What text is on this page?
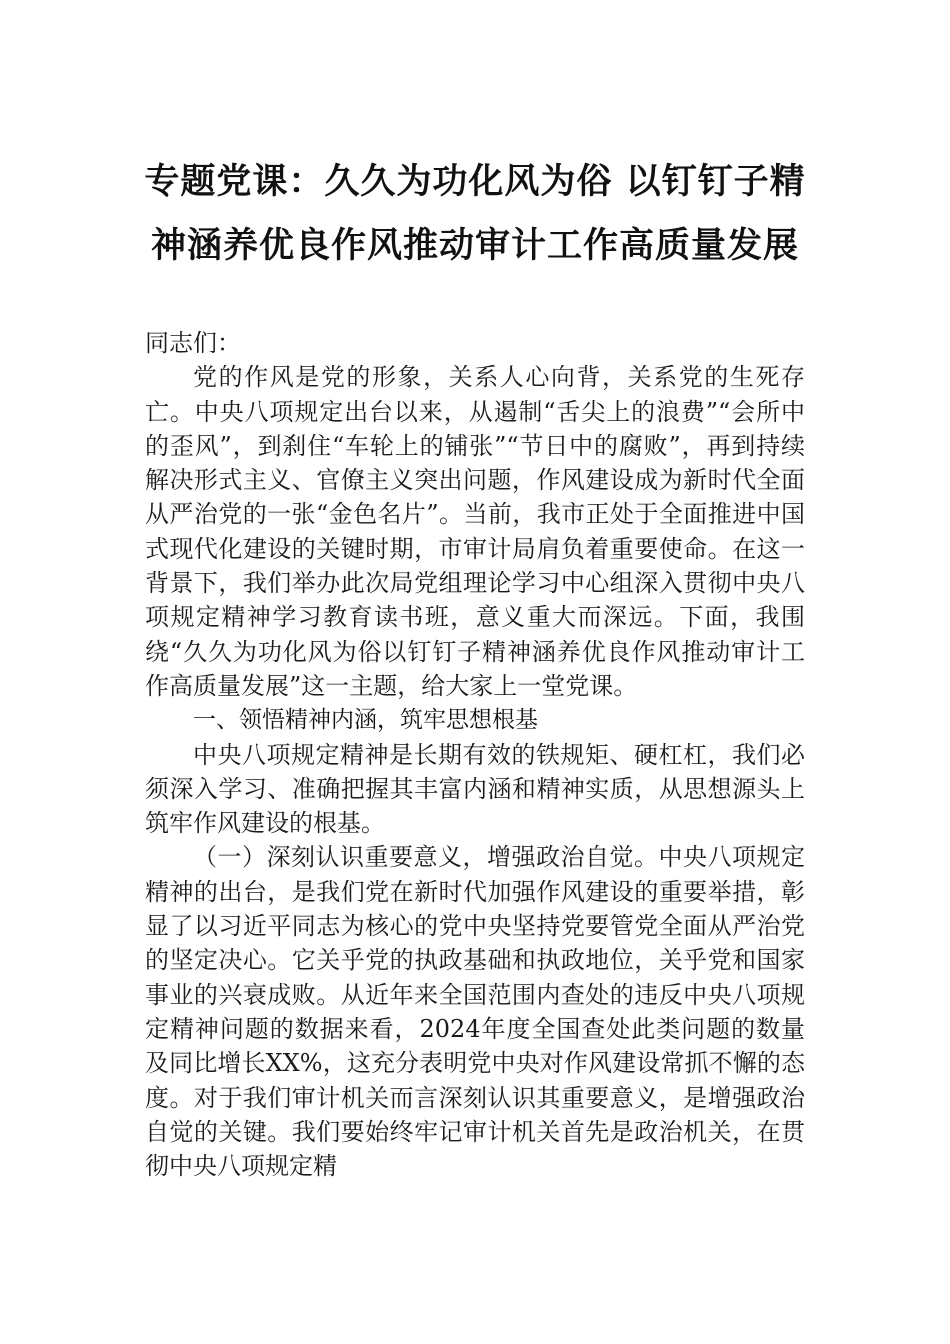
专题党课：久久为功化风为俗 以钉钉子精
神涵养优良作风推动审计工作高质量发展

同志们：

党的作风是党的形象，关系人心向背，关系党的生死存亡。中央八项规定出台以来，从遏制“舌尖上的浪费”“会所中的歪风”，到刹住“车轮上的铺张”“节日中的腐败”，再到持续解决形式主义、官僚主义突出问题，作风建设成为新时代全面从严治党的一张“金色名片”。当前，我市正处于全面推进中国式现代化建设的关键时期，市审计局肩负着重要使命。在这一背景下，我们举办此次局党组理论学习中心组深入贯彻中央八项规定精神学习教育读书班，意义重大而深远。下面，我围绕“久久为功化风为俗以钉钉子精神涵养优良作风推动审计工作高质量发展”这一主题，给大家上一堂党课。

一、领悟精神内涵，筑牢思想根基

中央八项规定精神是长期有效的铁规矩、硬杠杠，我们必须深入学习、准确把握其丰富内涵和精神实质，从思想源头上筑牢作风建设的根基。

（一）深刻认识重要意义，增强政治自觉。中央八项规定精神的出台，是我们党在新时代加强作风建设的重要举措，彰显了以习近平同志为核心的党中央坚持党要管党全面从严治党的坚定决心。它关乎党的执政基础和执政地位，关乎党和国家事业的兴衰成败。从近年来全国范围内查处的违反中央八项规定精神问题的数据来看，2024年度全国查处此类问题的数量及同比增长XX%，这充分表明党中央对作风建设常抓不懈的态度。对于我们审计机关而言深刻认识其重要意义，是增强政治自觉的关键。我们要始终牢记审计机关首先是政治机关，在贯彻中央八项规定精
